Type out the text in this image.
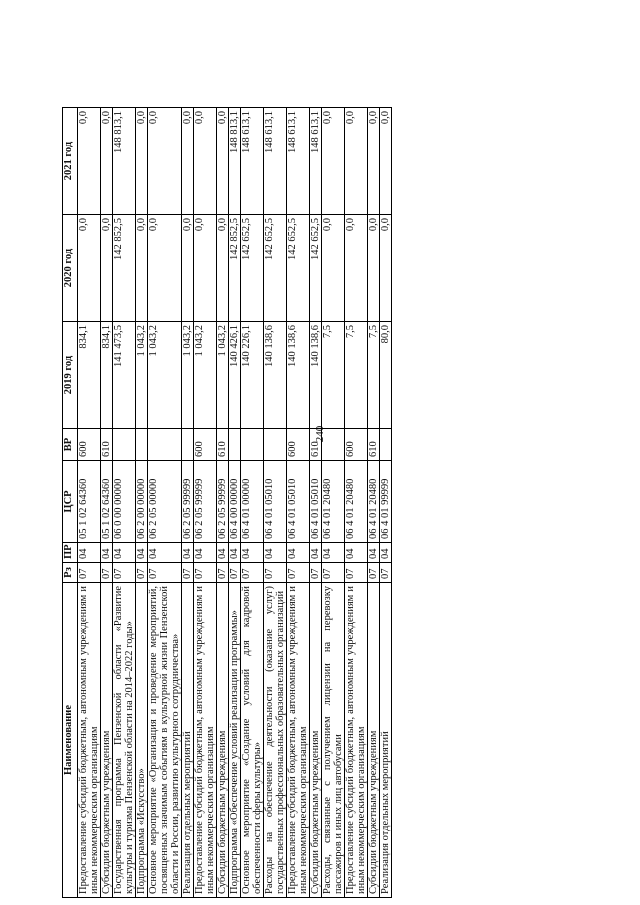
240
Наименование	Рз	ПР	ЦСР	ВР	2019 год	2020 год	2021 год
Предоставление субсидий бюджетным, автономным учреждениям и иным некоммерческим организациям	07	04	05 1 02 64360	600	834,1	0,0	0,0
Субсидии бюджетным учреждениям	07	04	05 1 02 64360	610	834,1	0,0	0,0
Государственная программа Пензенской области «Развитие культуры и туризма Пензенской области на 2014–2022 годы»	07	04	06 0 00 00000		141 473,5	142 852,5	148 813,1
Подпрограмма «Искусство»	07	04	06 2 00 00000		1 043,2	0,0	0,0
Основное мероприятие «Организация и проведение мероприятий, посвященных значимым событиям в культурной жизни Пензенской области и России, развитию культурного сотрудничества»	07	04	06 2 05 00000		1 043,2	0,0	0,0
Реализация отдельных мероприятий	07	04	06 2 05 99999		1 043,2	0,0	0,0
Предоставление субсидий бюджетным, автономным учреждениям и иным некоммерческим организациям	07	04	06 2 05 99999	600	1 043,2	0,0	0,0
Субсидии бюджетным учреждениям	07	04	06 2 05 99999	610	1 043,2	0,0	0,0
Подпрограмма «Обеспечение условий реализации программы»	07	04	06 4 00 00000		140 426,1	142 852,5	148 813,1
Основное мероприятие «Создание условий для кадровой обеспеченности сферы культуры»	07	04	06 4 01 00000		140 226,1	142 652,5	148 613,1
Расходы на обеспечение деятельности (оказание услуг) государственных профессиональных образовательных организаций	07	04	06 4 01 05010		140 138,6	142 652,5	148 613,1
Предоставление субсидий бюджетным, автономным учреждениям и иным некоммерческим организациям	07	04	06 4 01 05010	600	140 138,6	142 652,5	148 613,1
Субсидии бюджетным учреждениям	07	04	06 4 01 05010	610	140 138,6	142 652,5	148 613,1
Расходы, связанные с получением лицензии на перевозку пассажиров и иных лиц автобусами	07	04	06 4 01 20480		7,5	0,0	0,0
Предоставление субсидий бюджетным, автономным учреждениям и иным некоммерческим организациям	07	04	06 4 01 20480	600	7,5	0,0	0,0
Субсидии бюджетным учреждениям	07	04	06 4 01 20480	610	7,5	0,0	0,0
Реализация отдельных мероприятий	07	04	06 4 01 99999		80,0	0,0	0,0
